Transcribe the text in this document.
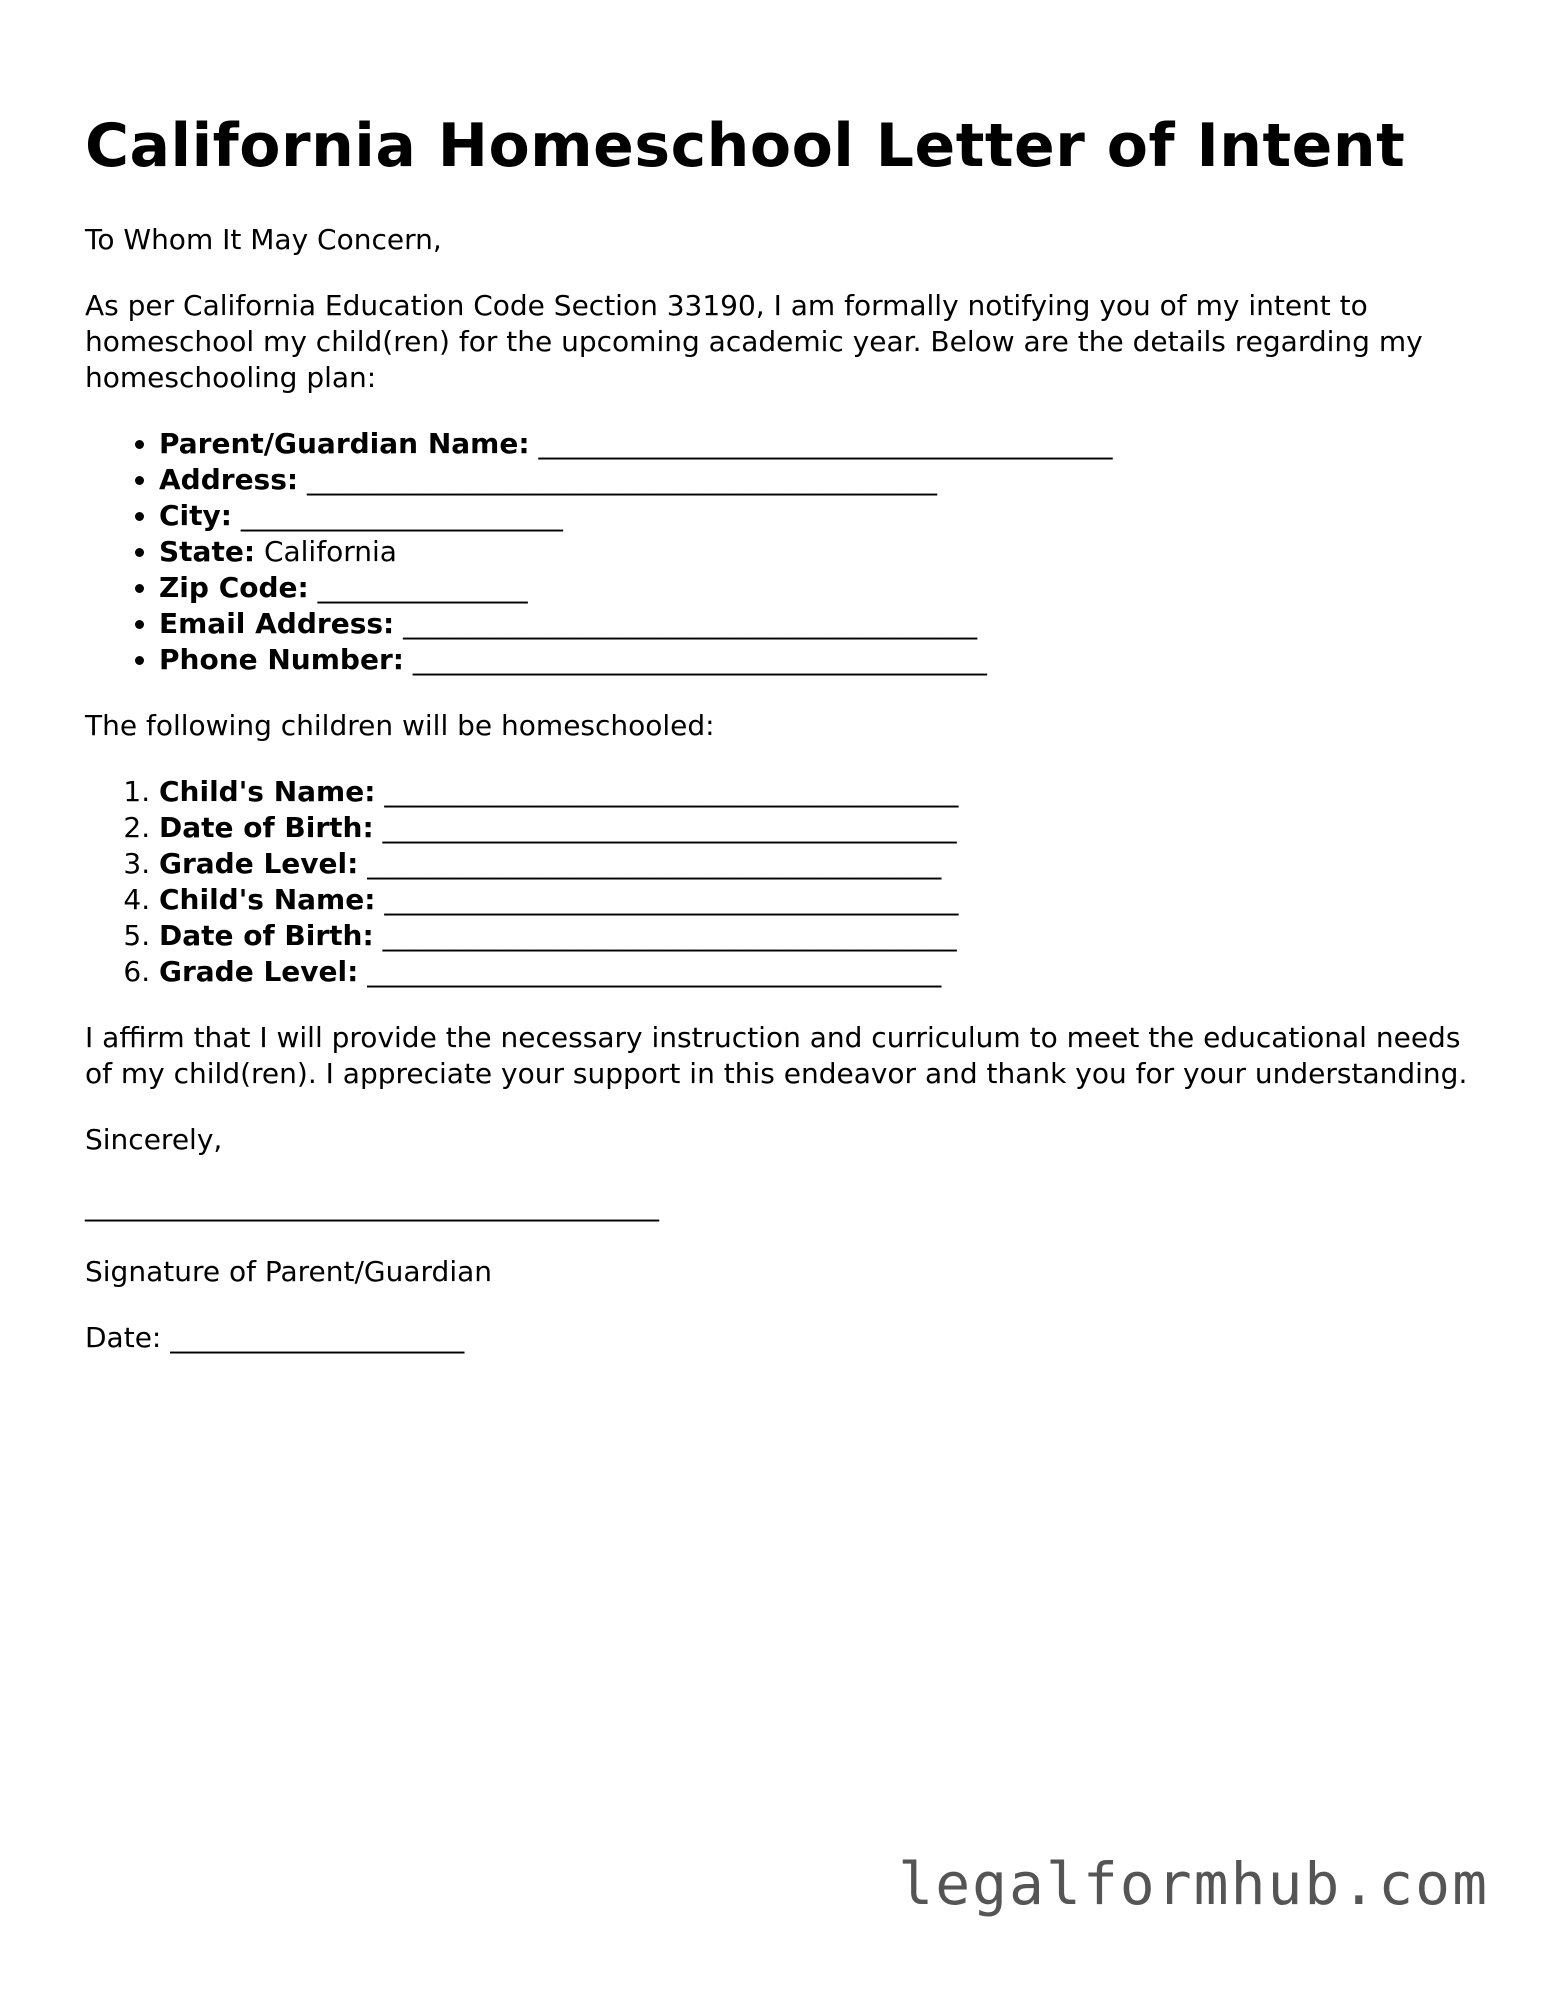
California Homeschool Letter of Intent

To Whom It May Concern,

As per California Education Code Section 33190, I am formally notifying you of my intent to homeschool my child(ren) for the upcoming academic year. Below are the details regarding my homeschooling plan:

• Parent/Guardian Name: _________________________________________
• Address: _____________________________________________
• City: _______________________
• State: California
• Zip Code: _______________
• Email Address: _________________________________________
• Phone Number: _________________________________________

The following children will be homeschooled:

1. Child's Name: _________________________________________
2. Date of Birth: _________________________________________
3. Grade Level: _________________________________________
4. Child's Name: _________________________________________
5. Date of Birth: _________________________________________
6. Grade Level: _________________________________________

I affirm that I will provide the necessary instruction and curriculum to meet the educational needs of my child(ren). I appreciate your support in this endeavor and thank you for your understanding.

Sincerely,

_________________________________________

Signature of Parent/Guardian

Date: _____________________

legalformhub.com
